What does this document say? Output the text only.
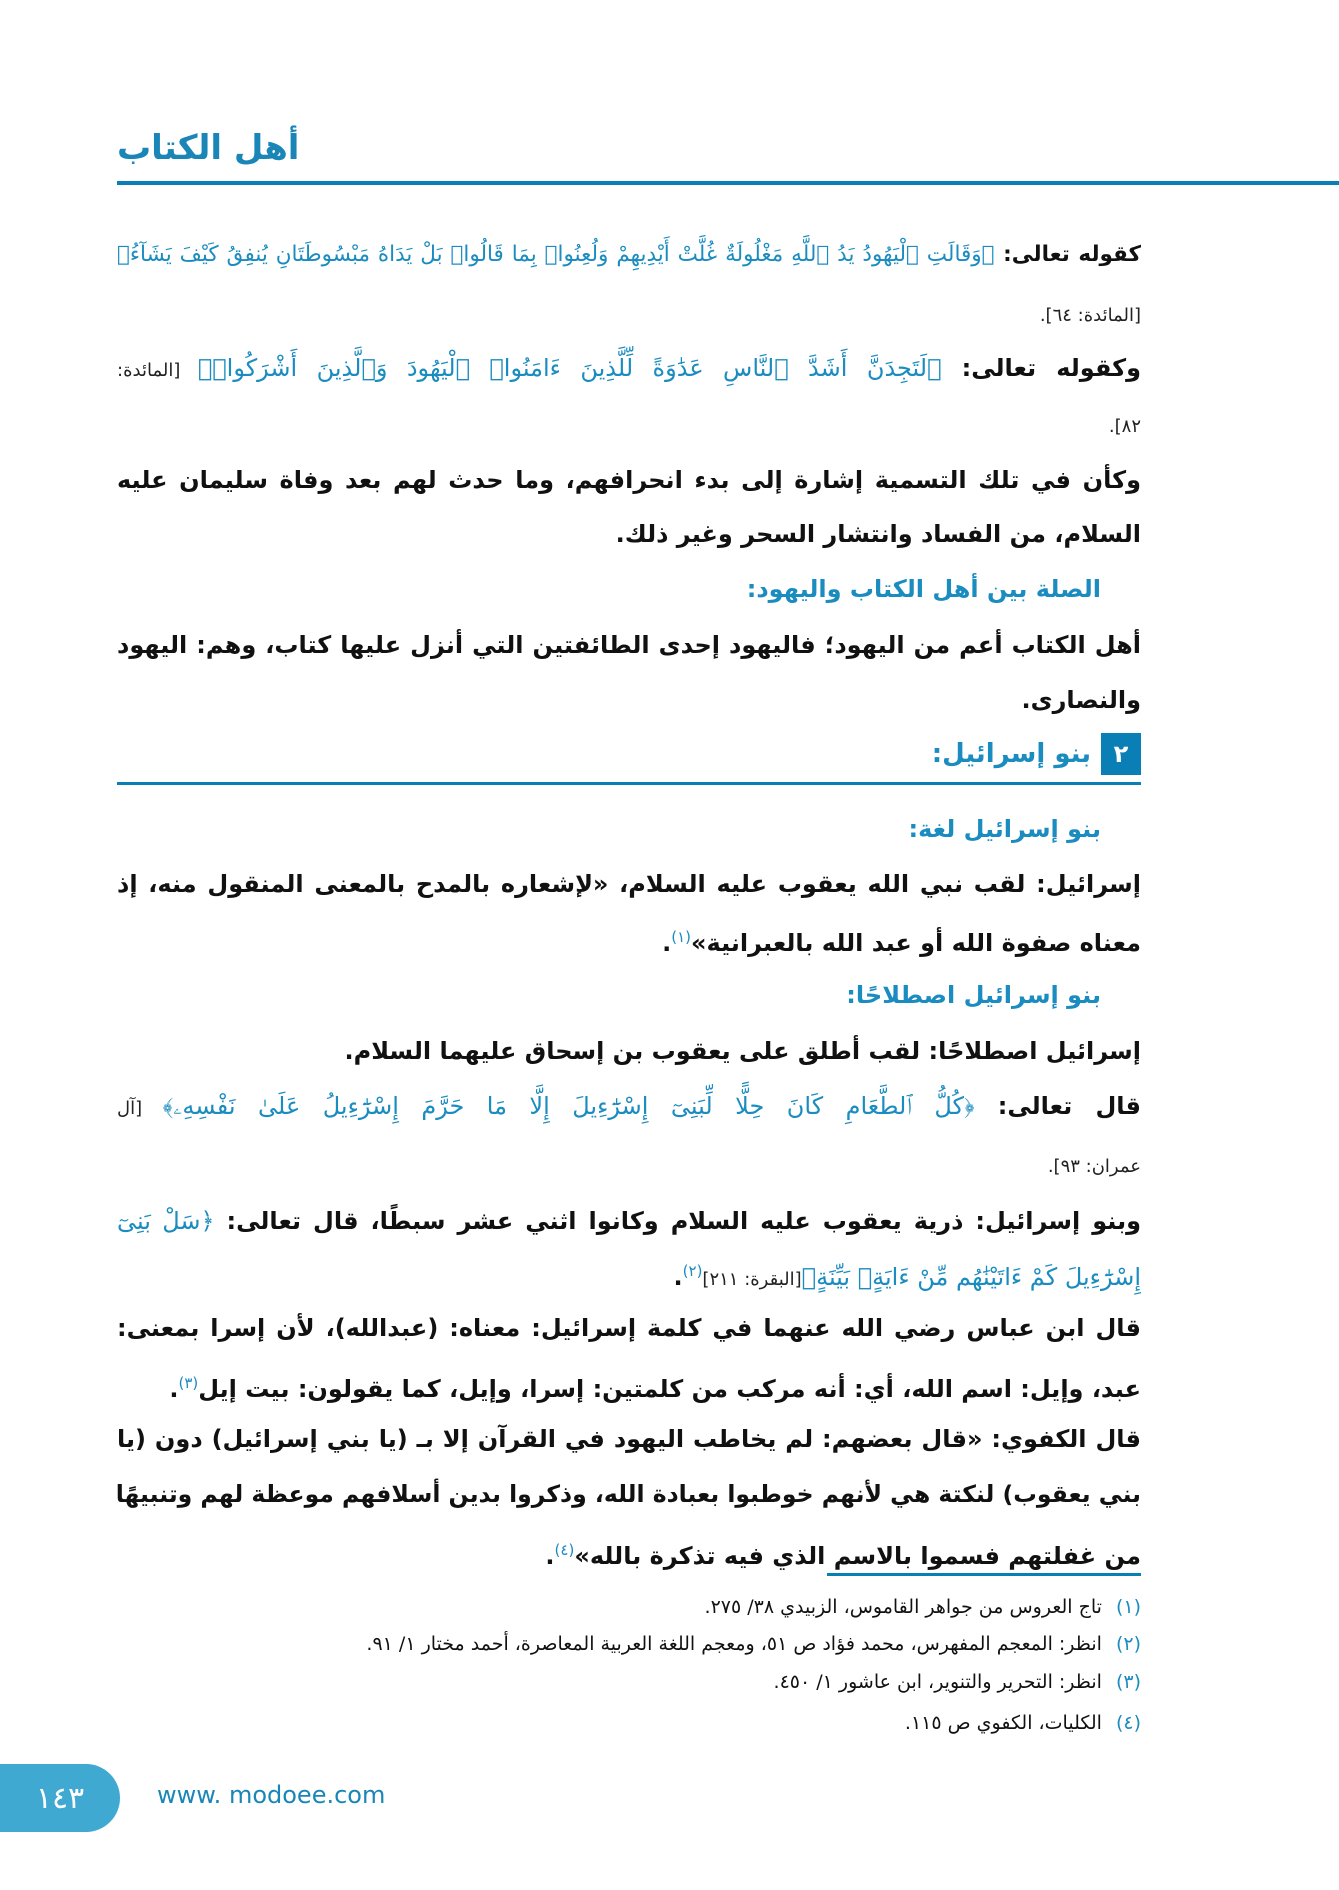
أهل الكتاب
كقوله تعالى: ﴿وَقَالَتِ ٱلْيَهُودُ يَدُ ٱللَّهِ مَغْلُولَةٌ غُلَّتْ أَيْدِيهِمْ وَلُعِنُوا۟ بِمَا قَالُوا۟ بَلْ يَدَاهُ مَبْسُوطَتَانِ يُنفِقُ كَيْفَ يَشَآءُ﴾
[المائدة: ٦٤].
وكقوله تعالى: ﴿لَتَجِدَنَّ أَشَدَّ ٱلنَّاسِ عَدَٰوَةً لِّلَّذِينَ ءَامَنُوا۟ ٱلْيَهُودَ وَٱلَّذِينَ أَشْرَكُوا۟﴾ [المائدة:
٨٢].
وكأن في تلك التسمية إشارة إلى بدء انحرافهم، وما حدث لهم بعد وفاة سليمان عليه
السلام، من الفساد وانتشار السحر وغير ذلك.
الصلة بين أهل الكتاب واليهود:
أهل الكتاب أعم من اليهود؛ فاليهود إحدى الطائفتين التي أنزل عليها كتاب، وهم: اليهود
والنصارى.
بنو إسرائيل لغة:
إسرائيل: لقب نبي الله يعقوب عليه السلام، «لإشعاره بالمدح بالمعنى المنقول منه، إذ
معناه صفوة الله أو عبد الله بالعبرانية»$^{(١)}$.
بنو إسرائيل اصطلاحًا:
إسرائيل اصطلاحًا: لقب أطلق على يعقوب بن إسحاق عليهما السلام.
قال تعالى: ﴿كُلُّ ٱلطَّعَامِ كَانَ حِلًّا لِّبَنِىٓ إِسْرَٰٓءِيلَ إِلَّا مَا حَرَّمَ إِسْرَٰٓءِيلُ عَلَىٰ نَفْسِهِۦ﴾ [آل
عمران: ٩٣].
وبنو إسرائيل: ذرية يعقوب عليه السلام وكانوا اثني عشر سبطًا، قال تعالى: ﴿سَلْ بَنِىٓ
إِسْرَٰٓءِيلَ كَمْ ءَاتَيْنَٰهُم مِّنْ ءَايَةٍۭ بَيِّنَةٍ﴾[البقرة: ٢١١]$^{(٢)}$.
قال ابن عباس رضي الله عنهما في كلمة إسرائيل: معناه: (عبدالله)، لأن إسرا بمعنى:
عبد، وإيل: اسم الله، أي: أنه مركب من كلمتين: إسرا، وإيل، كما يقولون: بيت إيل$^{(٣)}$.
قال الكفوي: «قال بعضهم: لم يخاطب اليهود في القرآن إلا بـ (يا بني إسرائيل) دون (يا
بني يعقوب) لنكتة هي لأنهم خوطبوا بعبادة الله، وذكروا بدين أسلافهم موعظة لهم وتنبيهًا
من غفلتهم فسموا بالاسم الذي فيه تذكرة بالله»$^{(٤)}$.
٢
بنو إسرائيل:
(١)تاج العروس من جواهر القاموس، الزبيدي ٣٨/ ٢٧٥.
(٢)انظر: المعجم المفهرس، محمد فؤاد ص ٥١، ومعجم اللغة العربية المعاصرة، أحمد مختار ١/ ٩١.
(٣)انظر: التحرير والتنوير، ابن عاشور ١/ ٤٥٠.
(٤)الكليات، الكفوي ص ١١٥.
١٤٣	www. modoee.com
